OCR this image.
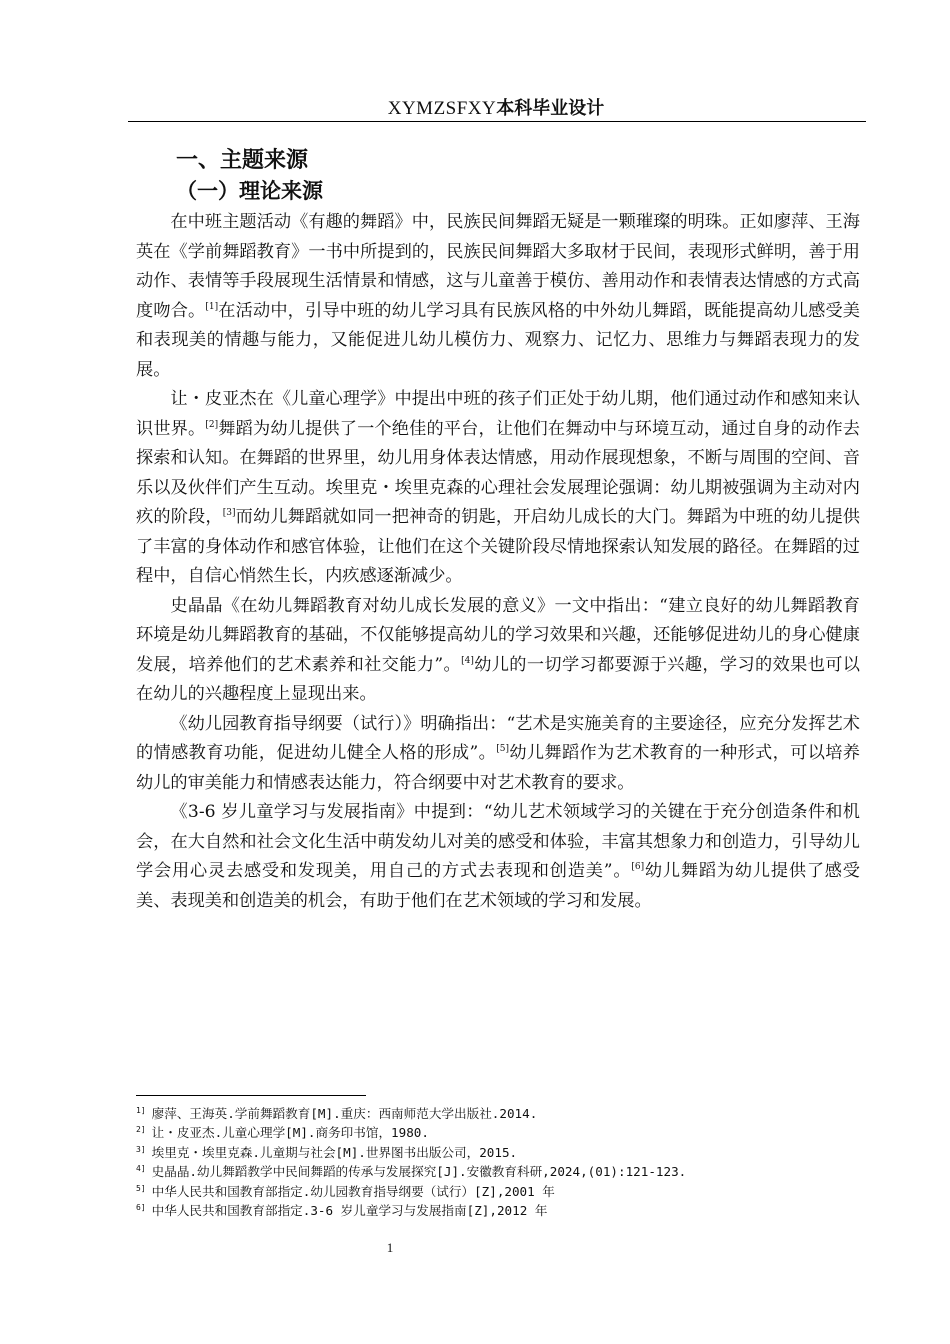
XYMZSFXY本科毕业设计
一、主题来源
（一）理论来源

在中班主题活动《有趣的舞蹈》中，民族民间舞蹈无疑是一颗璀璨的明珠。正如廖萍、王海英在《学前舞蹈教育》一书中所提到的，民族民间舞蹈大多取材于民间，表现形式鲜明，善于用动作、表情等手段展现生活情景和情感，这与儿童善于模仿、善用动作和表情表达情感的方式高度吻合。[1]在活动中，引导中班的幼儿学习具有民族风格的中外幼儿舞蹈，既能提高幼儿感受美和表现美的情趣与能力，又能促进儿幼儿模仿力、观察力、记忆力、思维力与舞蹈表现力的发展。

让・皮亚杰在《儿童心理学》中提出中班的孩子们正处于幼儿期，他们通过动作和感知来认识世界。[2]舞蹈为幼儿提供了一个绝佳的平台，让他们在舞动中与环境互动，通过自身的动作去探索和认知。在舞蹈的世界里，幼儿用身体表达情感，用动作展现想象，不断与周围的空间、音乐以及伙伴们产生互动。埃里克・埃里克森的心理社会发展理论强调：幼儿期被强调为主动对内疚的阶段，[3]而幼儿舞蹈就如同一把神奇的钥匙，开启幼儿成长的大门。舞蹈为中班的幼儿提供了丰富的身体动作和感官体验，让他们在这个关键阶段尽情地探索认知发展的路径。在舞蹈的过程中，自信心悄然生长，内疚感逐渐减少。

史晶晶《在幼儿舞蹈教育对幼儿成长发展的意义》一文中指出：“建立良好的幼儿舞蹈教育环境是幼儿舞蹈教育的基础，不仅能够提高幼儿的学习效果和兴趣，还能够促进幼儿的身心健康发展，培养他们的艺术素养和社交能力”。[4]幼儿的一切学习都要源于兴趣，学习的效果也可以在幼儿的兴趣程度上显现出来。

《幼儿园教育指导纲要（试行）》明确指出：“艺术是实施美育的主要途径，应充分发挥艺术的情感教育功能，促进幼儿健全人格的形成”。[5]幼儿舞蹈作为艺术教育的一种形式，可以培养幼儿的审美能力和情感表达能力，符合纲要中对艺术教育的要求。

《3-6 岁儿童学习与发展指南》中提到：“幼儿艺术领域学习的关键在于充分创造条件和机会，在大自然和社会文化生活中萌发幼儿对美的感受和体验，丰富其想象力和创造力，引导幼儿学会用心灵去感受和发现美，用自己的方式去表现和创造美”。[6]幼儿舞蹈为幼儿提供了感受美、表现美和创造美的机会，有助于他们在艺术领域的学习和发展。

$^{1]}$ 廖萍、王海英.学前舞蹈教育[M].重庆：西南师范大学出版社.2014.
$^{2]}$ 让・皮亚杰.儿童心理学[M].商务印书馆，1980.
$^{3]}$ 埃里克・埃里克森.儿童期与社会[M].世界图书出版公司，2015.
$^{4]}$ 史晶晶.幼儿舞蹈教学中民间舞蹈的传承与发展探究[J].安徽教育科研,2024,(01):121-123.
$^{5]}$ 中华人民共和国教育部指定.幼儿园教育指导纲要（试行）[Z],2001 年
$^{6]}$ 中华人民共和国教育部指定.3-6 岁儿童学习与发展指南[Z],2012 年
1
